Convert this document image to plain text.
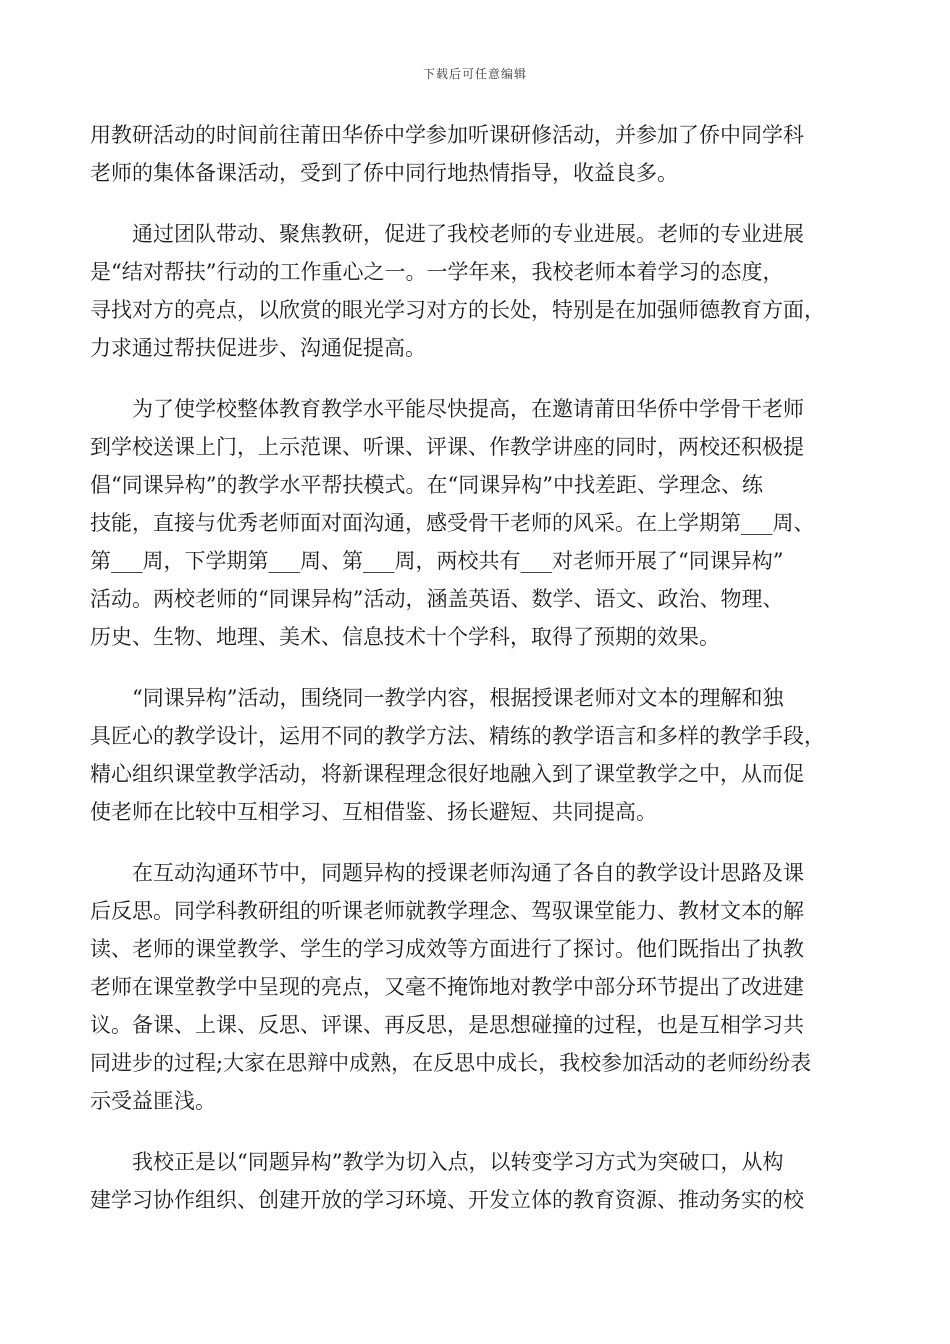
下载后可任意编辑
用教研活动的时间前往莆田华侨中学参加听课研修活动，并参加了侨中同学科
老师的集体备课活动，受到了侨中同行地热情指导，收益良多。
　　通过团队带动、聚焦教研，促进了我校老师的专业进展。老师的专业进展
是“结对帮扶”行动的工作重心之一。一学年来，我校老师本着学习的态度，
寻找对方的亮点，以欣赏的眼光学习对方的长处，特别是在加强师德教育方面，
力求通过帮扶促进步、沟通促提高。
　　为了使学校整体教育教学水平能尽快提高，在邀请莆田华侨中学骨干老师
到学校送课上门，上示范课、听课、评课、作教学讲座的同时，两校还积极提
倡“同课异构”的教学水平帮扶模式。在“同课异构”中找差距、学理念、练
技能，直接与优秀老师面对面沟通，感受骨干老师的风采。在上学期第___周、
第___周，下学期第___周、第___周，两校共有___对老师开展了“同课异构”
活动。两校老师的“同课异构”活动，涵盖英语、数学、语文、政治、物理、
历史、生物、地理、美术、信息技术十个学科，取得了预期的效果。
　　“同课异构”活动，围绕同一教学内容，根据授课老师对文本的理解和独
具匠心的教学设计，运用不同的教学方法、精练的教学语言和多样的教学手段，
精心组织课堂教学活动，将新课程理念很好地融入到了课堂教学之中，从而促
使老师在比较中互相学习、互相借鉴、扬长避短、共同提高。
　　在互动沟通环节中，同题异构的授课老师沟通了各自的教学设计思路及课
后反思。同学科教研组的听课老师就教学理念、驾驭课堂能力、教材文本的解
读、老师的课堂教学、学生的学习成效等方面进行了探讨。他们既指出了执教
老师在课堂教学中呈现的亮点，又毫不掩饰地对教学中部分环节提出了改进建
议。备课、上课、反思、评课、再反思，是思想碰撞的过程，也是互相学习共
同进步的过程;大家在思辩中成熟，在反思中成长，我校参加活动的老师纷纷表
示受益匪浅。
　　我校正是以“同题异构”教学为切入点，以转变学习方式为突破口，从构
建学习协作组织、创建开放的学习环境、开发立体的教育资源、推动务实的校
